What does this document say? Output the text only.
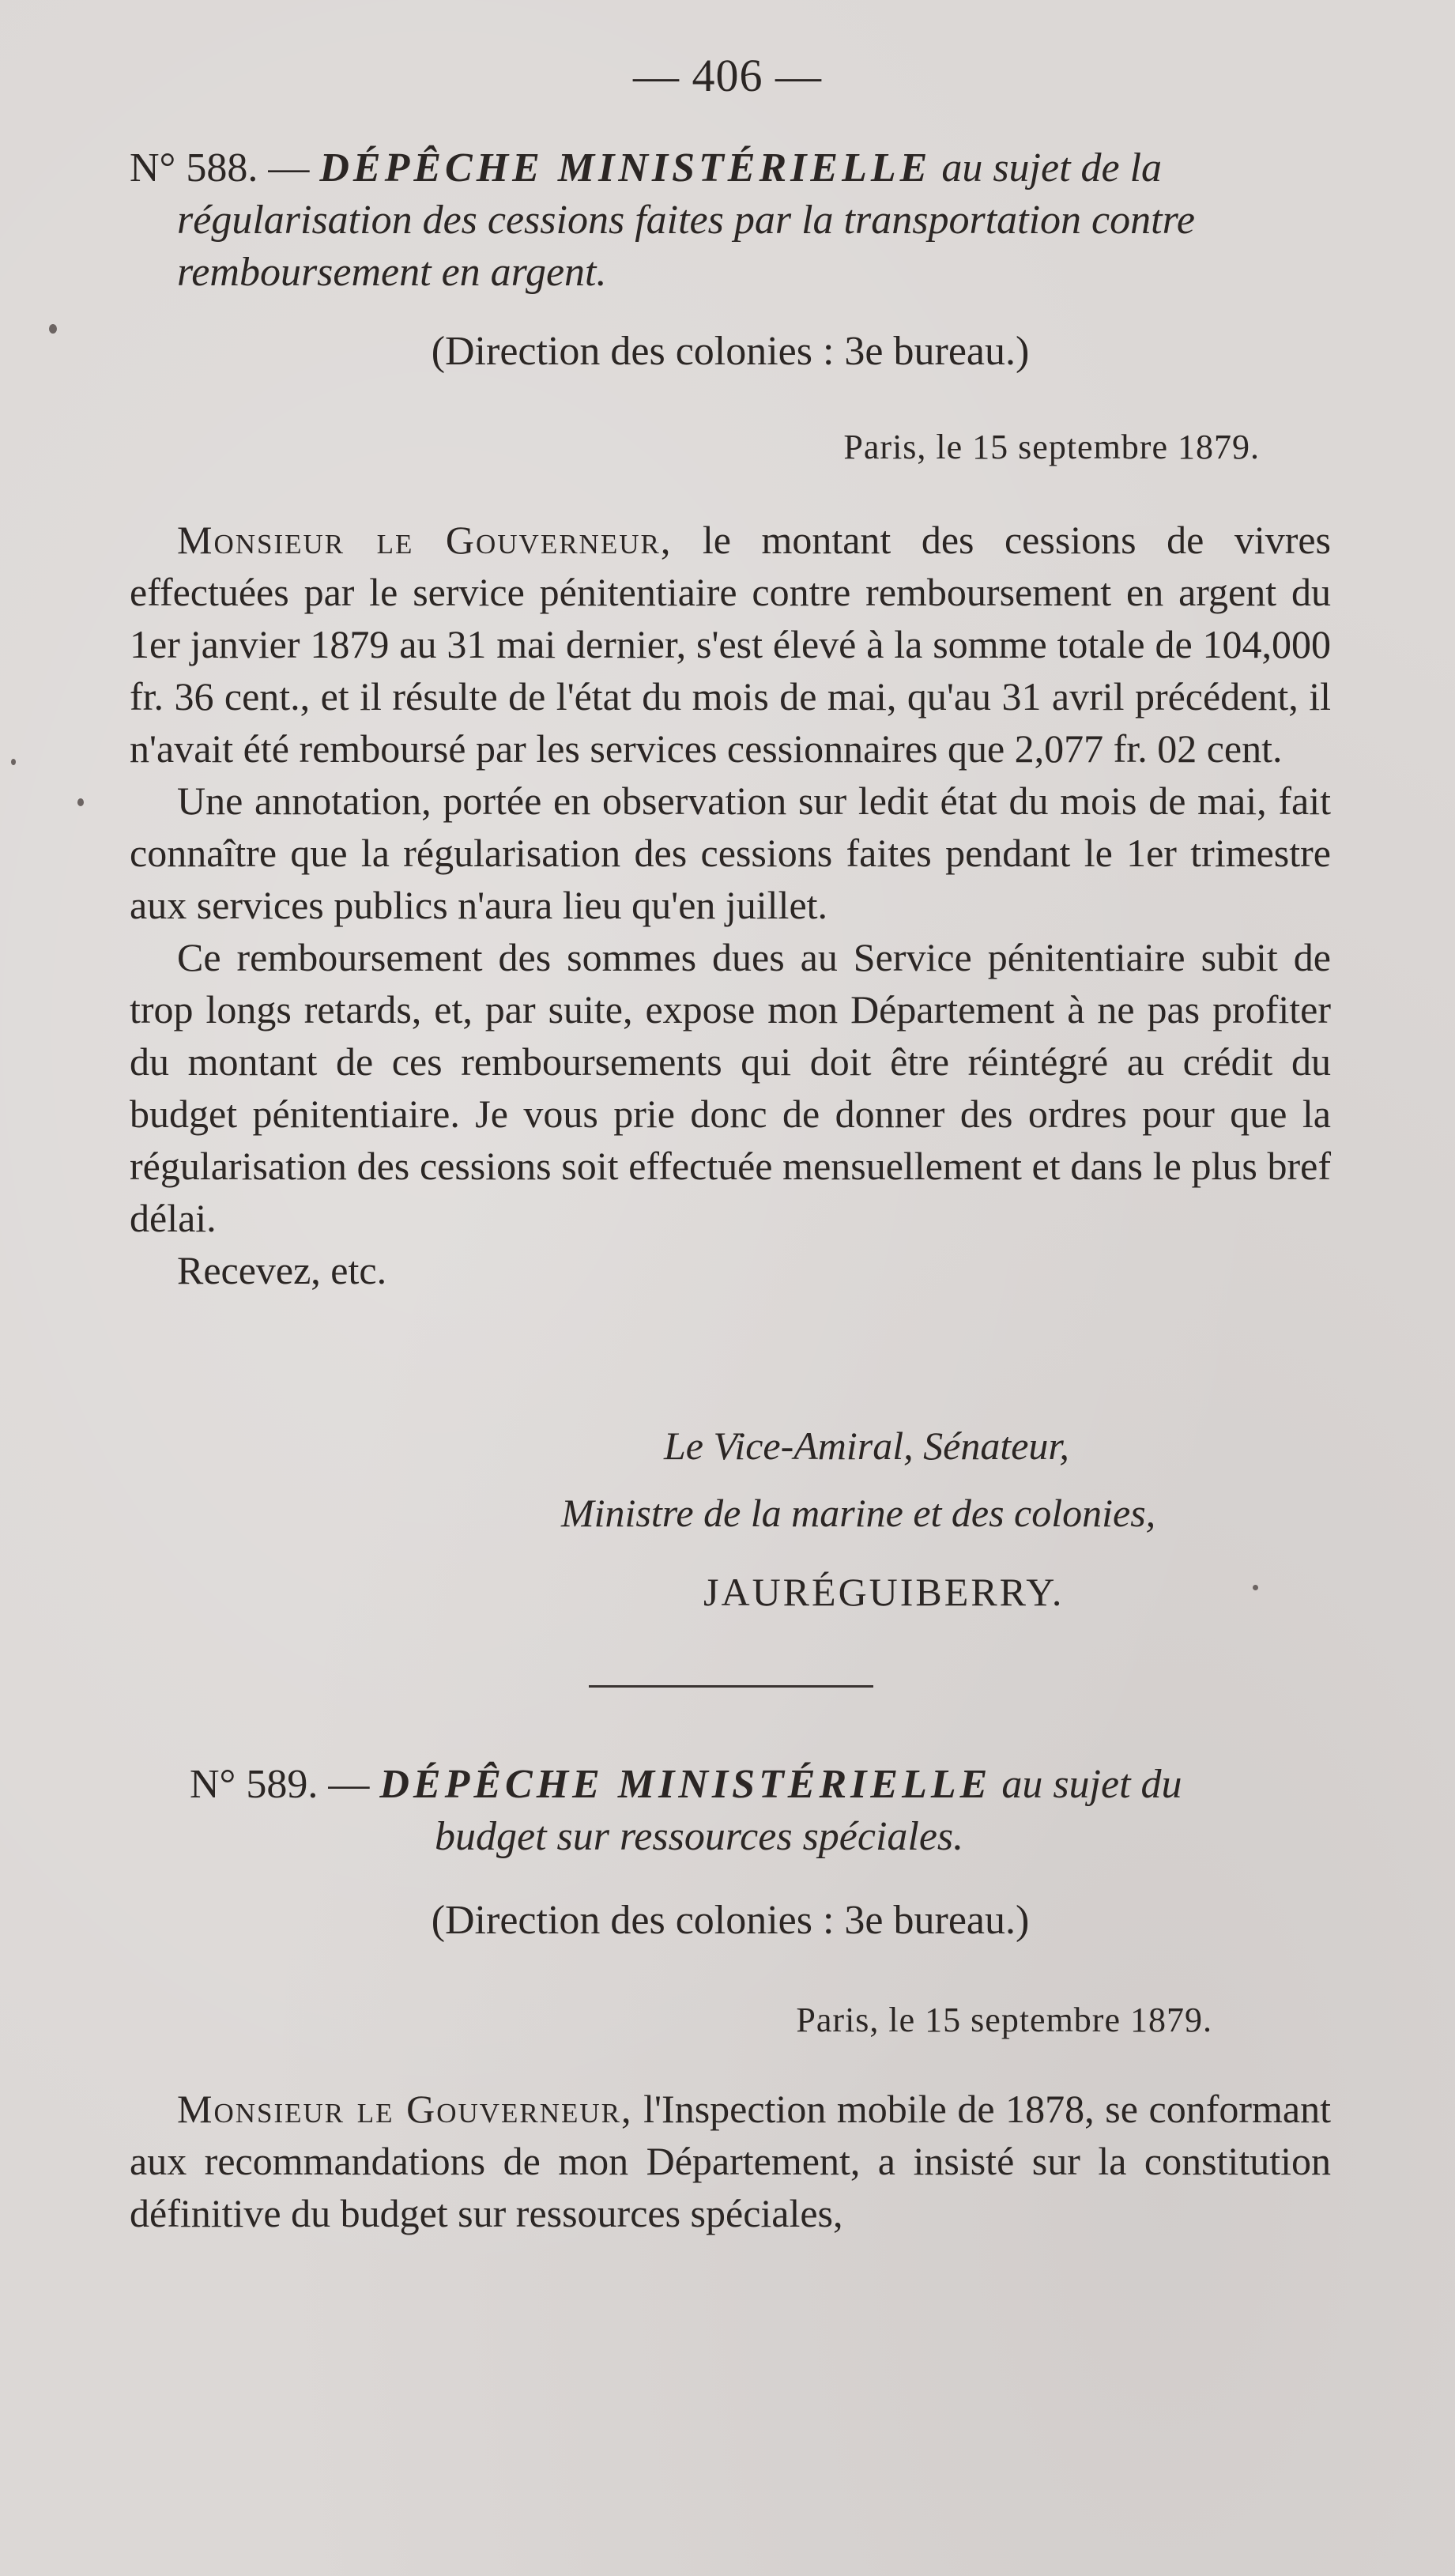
— 406 —
N° 588. — DÉPÊCHE MINISTÉRIELLE au sujet de la
régularisation des cessions faites par la transportation contre
remboursement en argent.
(Direction des colonies : 3e bureau.)
Paris, le 15 septembre 1879.

Monsieur le Gouverneur, le montant des cessions de vivres effectuées par le service pénitentiaire contre remboursement en argent du 1er janvier 1879 au 31 mai dernier, s'est élevé à la somme totale de 104,000 fr. 36 cent., et il résulte de l'état du mois de mai, qu'au 31 avril précédent, il n'avait été remboursé par les services cessionnaires que 2,077 fr. 02 cent.

Une annotation, portée en observation sur ledit état du mois de mai, fait connaître que la régularisation des cessions faites pendant le 1er trimestre aux services publics n'aura lieu qu'en juillet.

Ce remboursement des sommes dues au Service pénitentiaire subit de trop longs retards, et, par suite, expose mon Département à ne pas profiter du montant de ces remboursements qui doit être réintégré au crédit du budget pénitentiaire. Je vous prie donc de donner des ordres pour que la régularisation des cessions soit effectuée mensuellement et dans le plus bref délai.

Recevez, etc.

Le Vice-Amiral, Sénateur,
Ministre de la marine et des colonies,
JAURÉGUIBERRY.
N° 589. — DÉPÊCHE MINISTÉRIELLE au sujet du
budget sur ressources spéciales.
(Direction des colonies : 3e bureau.)
Paris, le 15 septembre 1879.

Monsieur le Gouverneur, l'Inspection mobile de 1878, se conformant aux recommandations de mon Département, a insisté sur la constitution définitive du budget sur ressources spéciales,
